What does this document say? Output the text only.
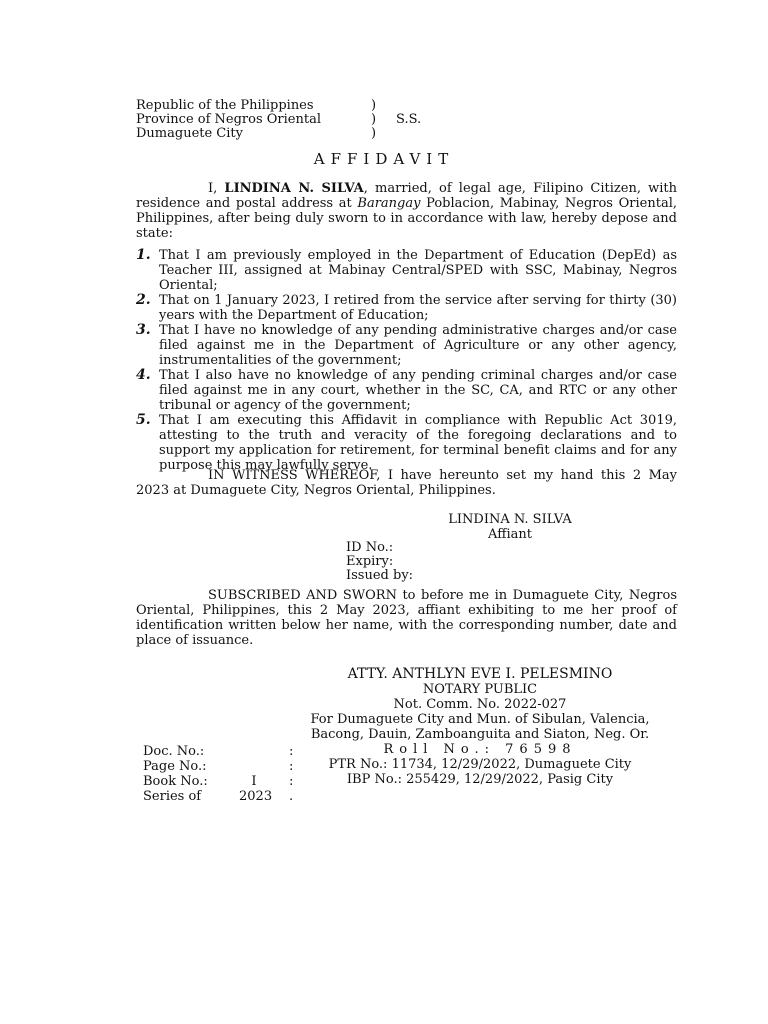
Republic of the Philippines	)
Province of Negros Oriental	) S.S.
Dumaguete City	)
AFFIDAVIT
I, LINDINA N. SILVA, married, of legal age, Filipino Citizen, with residence and postal address at Barangay Poblacion, Mabinay, Negros Oriental, Philippines, after being duly sworn to in accordance with law, hereby depose and state:
1. That I am previously employed in the Department of Education (DepEd) as Teacher III, assigned at Mabinay Central/SPED with SSC, Mabinay, Negros Oriental;
2. That on 1 January 2023, I retired from the service after serving for thirty (30) years with the Department of Education;
3. That I have no knowledge of any pending administrative charges and/or case filed against me in the Department of Agriculture or any other agency, instrumentalities of the government;
4. That I also have no knowledge of any pending criminal charges and/or case filed against me in any court, whether in the SC, CA, and RTC or any other tribunal or agency of the government;
5. That I am executing this Affidavit in compliance with Republic Act 3019, attesting to the truth and veracity of the foregoing declarations and to support my application for retirement, for terminal benefit claims and for any purpose this may lawfully serve.
IN WITNESS WHEREOF, I have hereunto set my hand this 2 May 2023 at Dumaguete City, Negros Oriental, Philippines.
LINDINA N. SILVA
Affiant
ID No.:
Expiry:
Issued by:
SUBSCRIBED AND SWORN to before me in Dumaguete City, Negros Oriental, Philippines, this 2 May 2023, affiant exhibiting to me her proof of identification written below her name, with the corresponding number, date and place of issuance.
ATTY. ANTHLYN EVE I. PELESMINO
NOTARY PUBLIC
Not. Comm. No. 2022-027
For Dumaguete City and Mun. of Sibulan, Valencia,
Bacong, Dauin, Zamboanguita and Siaton, Neg. Or.
Roll No.: 76598
PTR No.: 11734, 12/29/2022, Dumaguete City
IBP No.: 255429, 12/29/2022, Pasig City
Doc. No.:	:
Page No.:	:
Book No.:	I	:
Series of	2023 .
